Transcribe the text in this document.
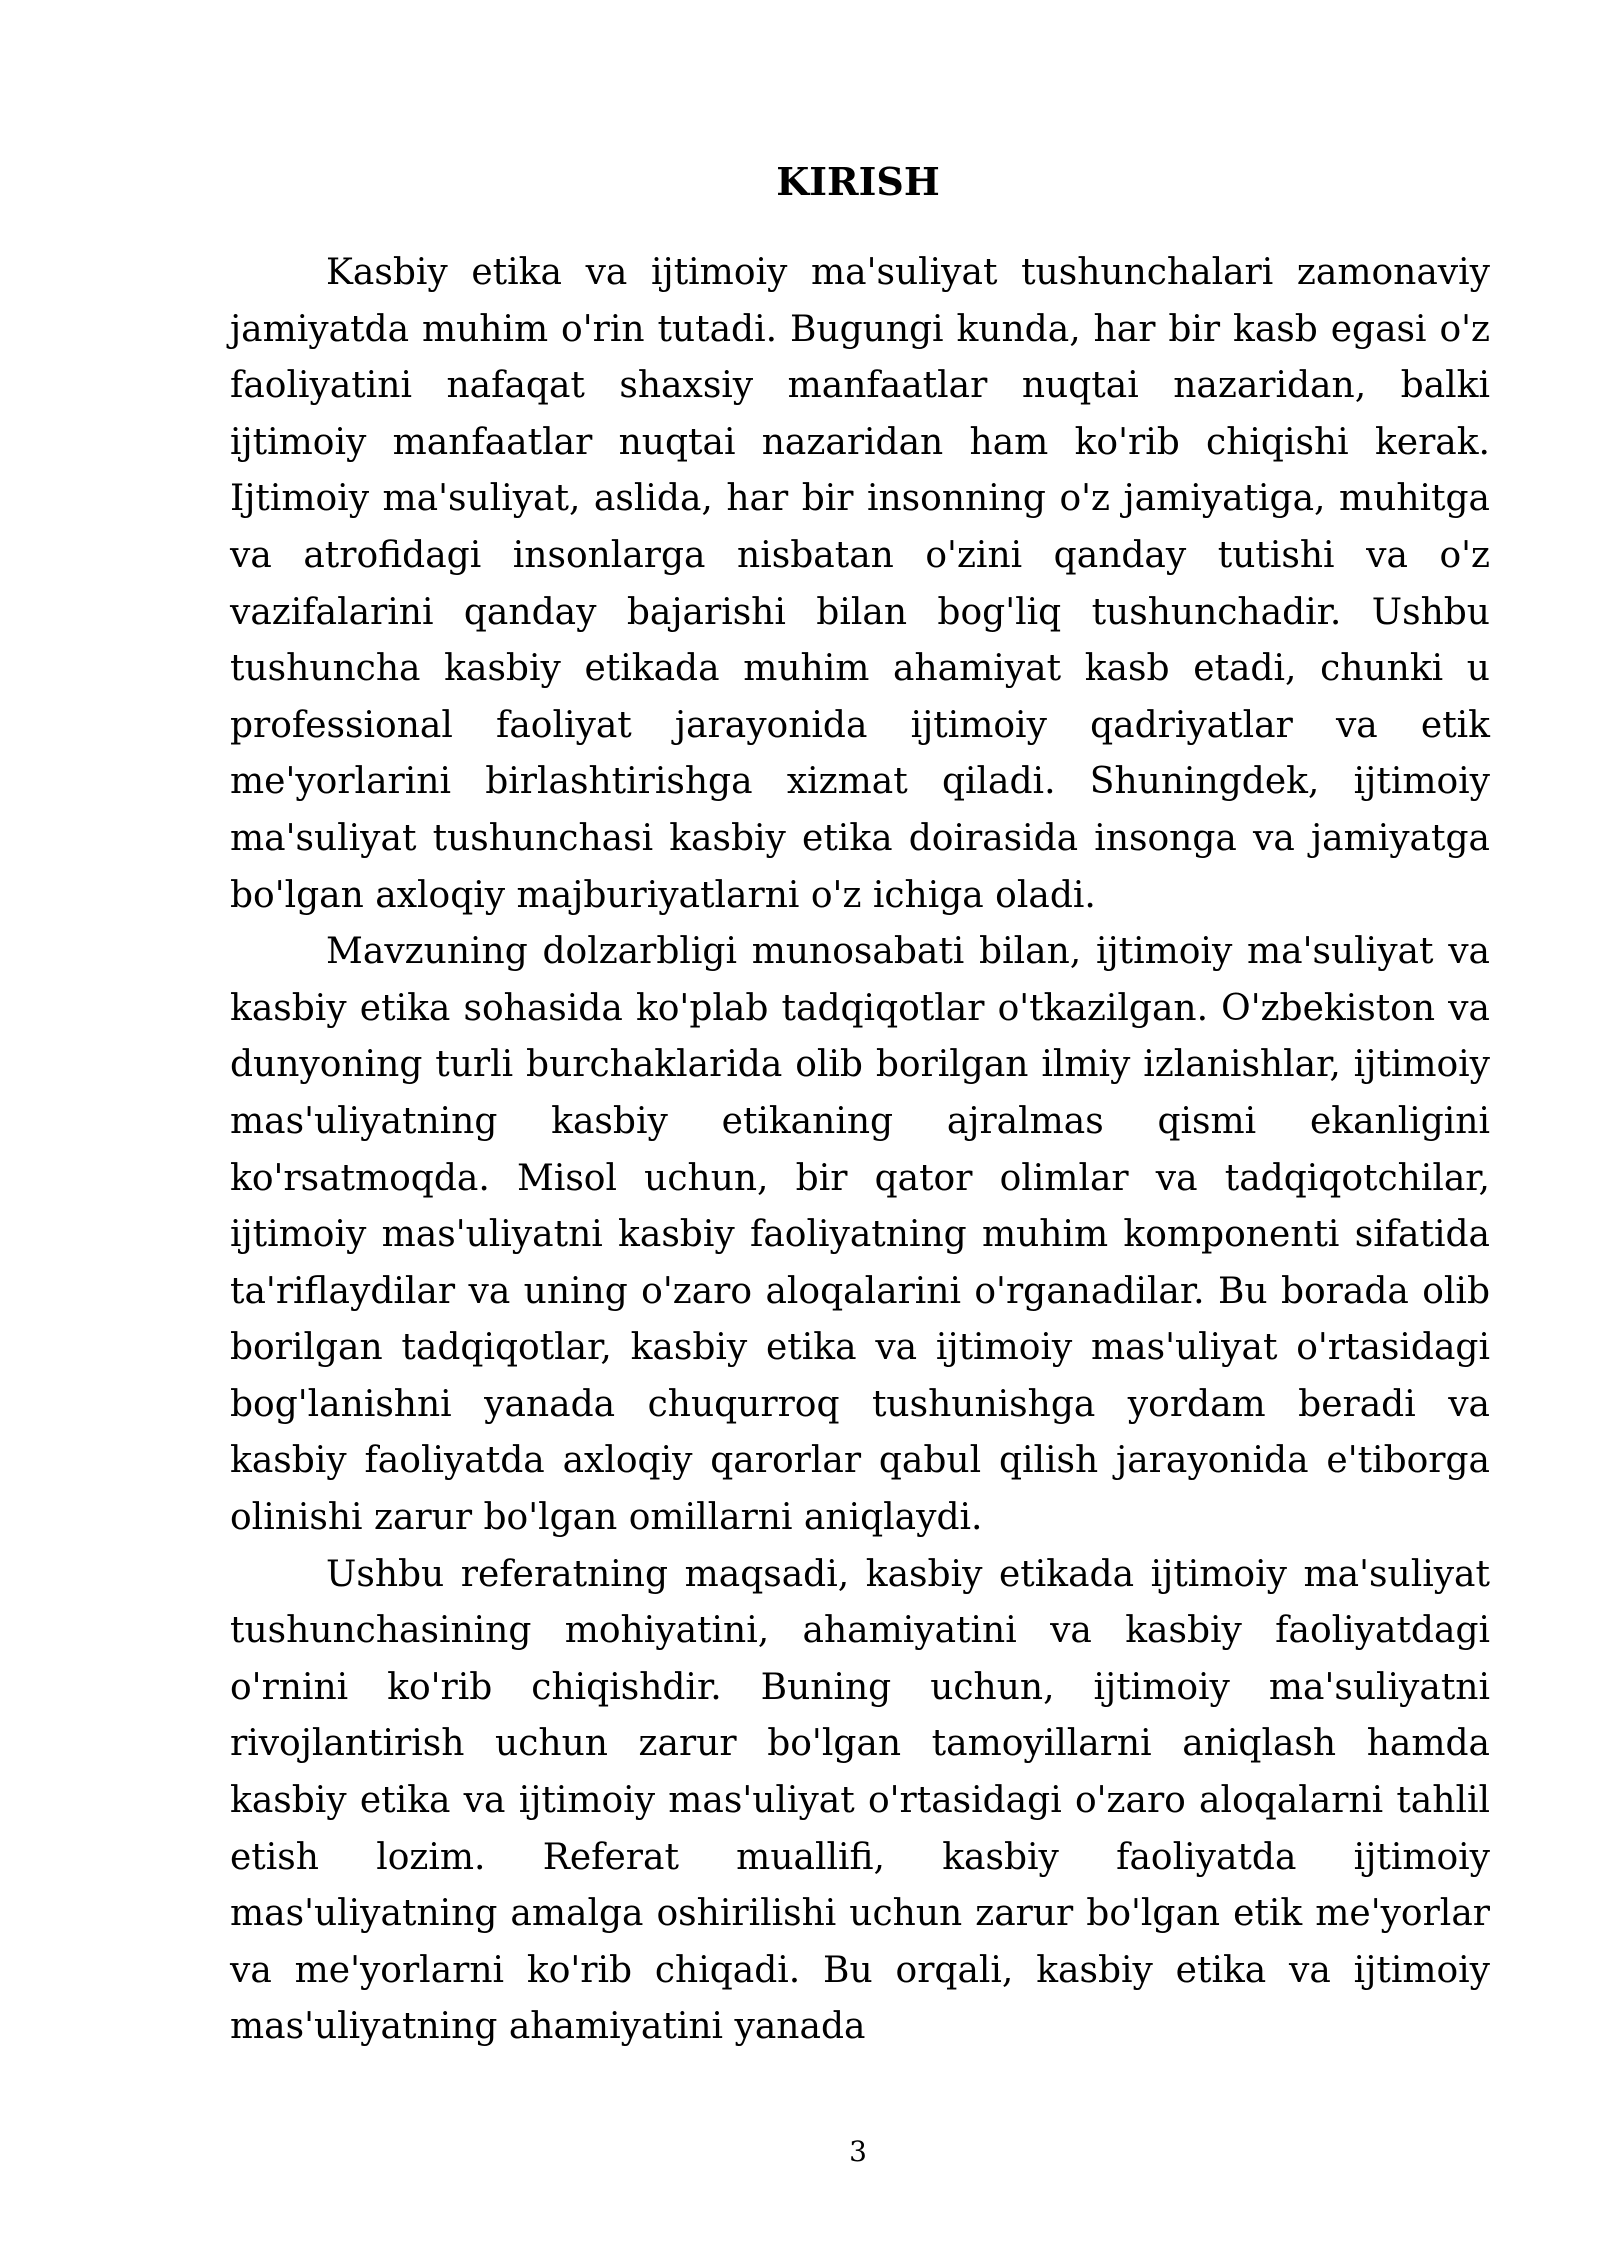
KIRISH

Kasbiy etika va ijtimoiy ma'suliyat tushunchalari zamonaviy jamiyatda muhim o'rin tutadi. Bugungi kunda, har bir kasb egasi o'z faoliyatini nafaqat shaxsiy manfaatlar nuqtai nazaridan, balki ijtimoiy manfaatlar nuqtai nazaridan ham ko'rib chiqishi kerak. Ijtimoiy ma'suliyat, aslida, har bir insonning o'z jamiyatiga, muhitga va atrofidagi insonlarga nisbatan o'zini qanday tutishi va o'z vazifalarini qanday bajarishi bilan bog'liq tushunchadir. Ushbu tushuncha kasbiy etikada muhim ahamiyat kasb etadi, chunki u professional faoliyat jarayonida ijtimoiy qadriyatlar va etik me'yorlarini birlashtirishga xizmat qiladi. Shuningdek, ijtimoiy ma'suliyat tushunchasi kasbiy etika doirasida insonga va jamiyatga bo'lgan axloqiy majburiyatlarni o'z ichiga oladi.

Mavzuning dolzarbligi munosabati bilan, ijtimoiy ma'suliyat va kasbiy etika sohasida ko'plab tadqiqotlar o'tkazilgan. O'zbekiston va dunyoning turli burchaklarida olib borilgan ilmiy izlanishlar, ijtimoiy mas'uliyatning kasbiy etikaning ajralmas qismi ekanligini ko'rsatmoqda. Misol uchun, bir qator olimlar va tadqiqotchilar, ijtimoiy mas'uliyatni kasbiy faoliyatning muhim komponenti sifatida ta'riflaydilar va uning o'zaro aloqalarini o'rganadilar. Bu borada olib borilgan tadqiqotlar, kasbiy etika va ijtimoiy mas'uliyat o'rtasidagi bog'lanishni yanada chuqurroq tushunishga yordam beradi va kasbiy faoliyatda axloqiy qarorlar qabul qilish jarayonida e'tiborga olinishi zarur bo'lgan omillarni aniqlaydi.

Ushbu referatning maqsadi, kasbiy etikada ijtimoiy ma'suliyat tushunchasining mohiyatini, ahamiyatini va kasbiy faoliyatdagi o'rnini ko'rib chiqishdir. Buning uchun, ijtimoiy ma'suliyatni rivojlantirish uchun zarur bo'lgan tamoyillarni aniqlash hamda kasbiy etika va ijtimoiy mas'uliyat o'rtasidagi o'zaro aloqalarni tahlil etish lozim. Referat muallifi, kasbiy faoliyatda ijtimoiy mas'uliyatning amalga oshirilishi uchun zarur bo'lgan etik me'yorlar va me'yorlarni ko'rib chiqadi. Bu orqali, kasbiy etika va ijtimoiy mas'uliyatning ahamiyatini yanada

3
